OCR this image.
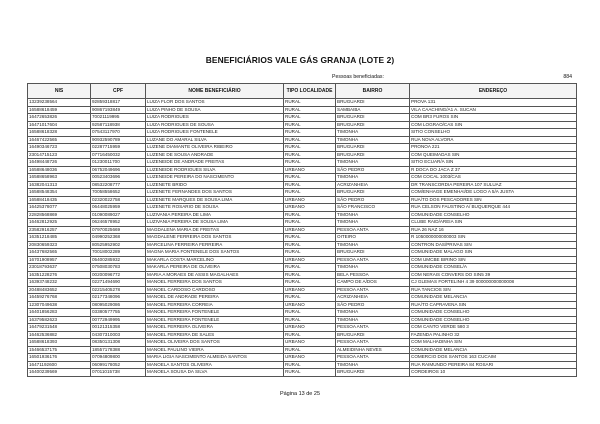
BENEFICIÁRIOS VALE GÁS GRANJA (LOTE 2)
Pessoas beneficiadas:	884
NIS	CPF	NOME BENEFICIÁRIO	TIPO LOCALIDADE	BAIRRO	ENDEREÇO
13239238564	92859318817	LUIZA FLOR DOS SANTOS	RURAL	BRUGUARDI	PROVA 131
16588618459	90867193849	LUIZA PINHO DE SOUSA	RURAL	SAMBAIBA	VILA CAACHING/A1 A. SUCAN
16472653826	70021119995	LUIZA RODRIGUES	RURAL	BRUGUARDI	COM BR3 FUROS SIN
16471017604	92587118938	LUIZA RODRIGUES DE SOUSA	RURAL	BRUGUARDI	COM LOGRAO/CAS SIN
16588618328	07543117970	LUIZA RODRIGUES FONTENELE	RURAL	TIMONHA	SITIO CONSELHO
16467422565	90932590789	LUZANE DO AMARAL SILVA	RURAL	TIMONHA	RUA NOVA ALVORA
16490346723	02287715959	LUZENE DIAMANTE OLIVEIRA RIBEIRO	RURAL	BRUGUARDI	PRONOA 221
23014715123	07716450032	LUZENE DE SOUSA ANDRADE	RURAL	BRUGUARDI	COM QUEIMADAS SIN
16498448726	01230011700	LUZENEIDE DE ANDRADE FREITAS	RURAL	TIMONHA	SITIO ECUAR/A SIN
16588648036	06752049696	LUZENEIDE RODRIGUES SILVA	URBANO	SÃO PEDRO	R DOCA DO JACA Z 37
16588658963	00523403696	LUZENEIDE PEREIRA DO NASCIMENTO	RURAL	TIMONHA	COM COCAL 1003/CAS
16382041313	08532208777	LUZENETE BRIDO	RURAL	ACRIZANHEIA	DR TRANSCORDIA PEREIRA 107 SULUAZ
16588548354	70058558652	LUZENETE FERNANDES DOS SANTOS	RURAL	BRUGUARDI	COM/ENHAGE EMENHAI/DE LOGO A 5/A JUSTA
16588418435	02320022758	LUZENETE MARQUES DE SOUSA LIMA	URBANO	SÃO PEDRO	RUA/TO DOS PESCADORES SIN
16425378077	06448025959	LUZENETE ROSARIO DE SOUSA	URBANO	SÃO FRANCISCO	RUA CELSON FAUSTINO A/ BUQUERQUE 444
22828568869	01090089027	LUZIVANIA PEREIRA DE LIMA	RURAL	TIMONHA	COMUNIDADE CONSELHO
16462812925	06246578952	LUZIVANIA PEREIRA DE SOUSA LIMA	RURAL	TIMONHA	CLUBE RAID/AREIA SIN
23582916257	07970025669	MAGDALENA MARIA DE FREITAS	URBANO	PESSOA ANTA	RUA 26 NAZ 16
16351218485	04990252368	MAGDALENE FERREIRA DOS SANTOS	RURAL	OITEIRO	R 1050000000000003 SIN
20830659323	80525952902	MARCELINA FERREIRA FERREIRA	RURAL	TIMONHA	CONTRON DAS/PRIVAS SIN
16437682565	70018002289	MAGNA MARIA FONTENELE DOS SANTOS	RURAL	BRUGUARDI	COMUNIDADE MALAGO SIN
16701908957	05400285932	MAKARLA COSTA MARCELINO	URBANO	PESSOA ANTA	COM UMCBE BIRINO SIN
23018793637	07508030783	MAKARLA PEREIRA DE OLIVEIRA	RURAL	TIMONHA	COMUNIDADE CONSEL/A
16351228276	00200096772	MARIA A MORAES DE ASSIS MAGALHAES	RURAL	BELA PESSOA	COM NERAIS CONVERS DO SIN5 39
16393748232	02271494690	MANOEL FERREIRA DOS SANTOS	RURAL	CAMPO DE A/DOS	CJ GLEMAS FORTELINH 4 39 000000000000008
20488483652	02215405278	MANOEL CARDOSO CARDOSO	URBANO	PESSOA ANTA	RUA TANCIOS SIN
16459276768	02177348096	MANOEL DE ANDRADE PEREIRA	RURAL	ACRIZANHEIA	COMUNIDADE MELANCIA
12307049638	08095029086	MANOEL FERREIRA CORREIA	URBANO	SÃO PEDRO	RUA/TO CAPRAVENA SIN
16401856283	03380577755	MANOEL FERREIRA FONTENELE	RURAL	TIMONHA	COMUNIDADE CONSELHO
16379582623	00772949995	MANOEL FERREIRA FONTENELE	RURAL	TIMONHA	COMUNIDADE CONSELHO
16479231548	00121315358	MANOEL FERREIRA OLIVEIRA	URBANO	PESSOA ANTA	COM CANTO VERDE 580 3
16462536882	04307310003	MANOEL FERREIRA DE SALES	RURAL	BRUGUARDI	FAZENDA PALINHO 32
16588618393	08350131308	MANOEL OLIVEIRA DOS SANTOS	URBANO	PESSOA ANTA	COM MALHADINHA SIN
15466537175	18557178388	MANOEL PAULINO VIEIRA	RURAL	ALMEIDINHA NEVES	COMUNIDADE MELANCIA
16501936176	07094809800	MARIA LIGIA NASCIMENTO ALMEIDA SANTOS	URBANO	PESSOA ANTA	COMERCIO DOS SANTOS 163 CUCAIM
16471192600	06099178052	MANOELA SANTOS OLIVEIRA	RURAL	TIMONHA	RUA RAIMUNDO PEREIRA 84 ROSARI
16400239569	07011015738	MANOELA SOUSA DA SILVA	RURAL	BRUGUARDI	CORDEIROS 10
Página 13 de 25
